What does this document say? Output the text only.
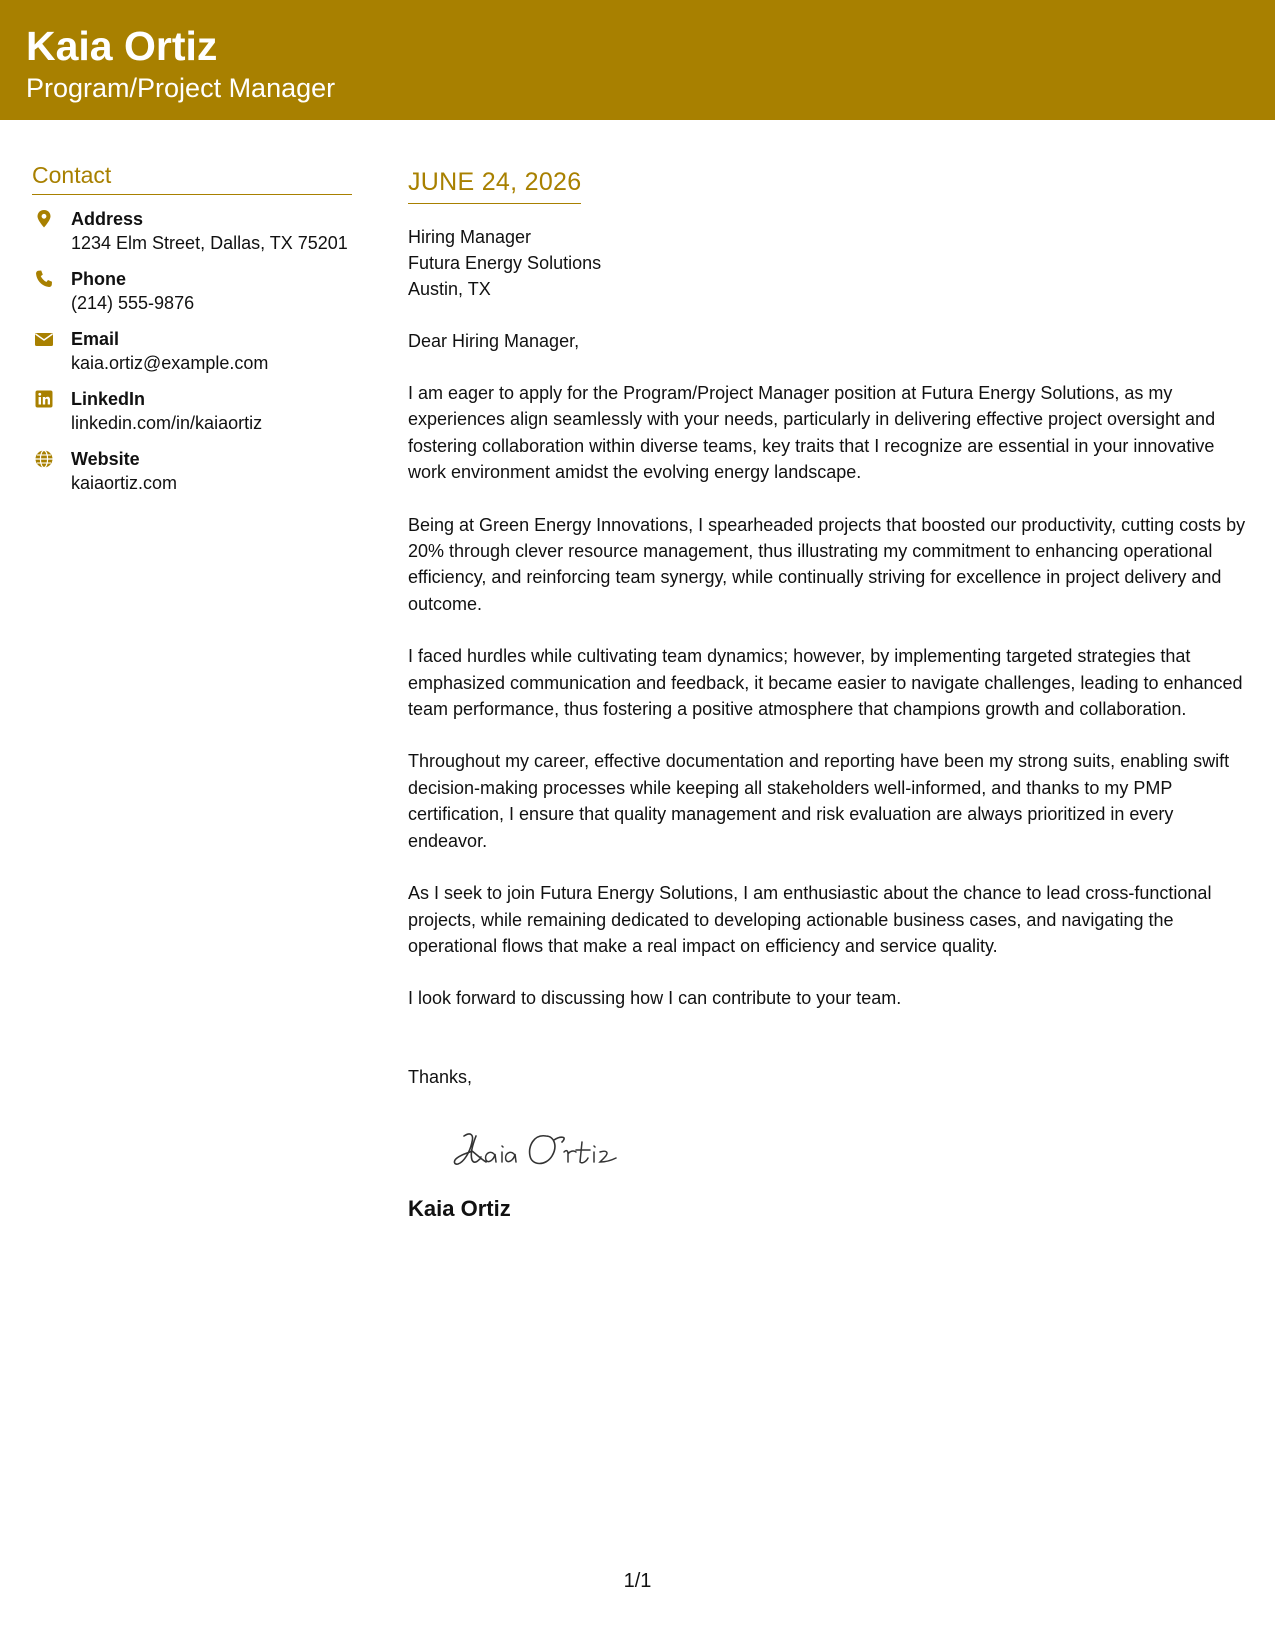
Kaia Ortiz
Program/Project Manager
Contact
Address
1234 Elm Street, Dallas, TX 75201
Phone
(214) 555-9876
Email
kaia.ortiz@example.com
LinkedIn
linkedin.com/in/kaiaortiz
Website
kaiaortiz.com
JUNE 24, 2026
Hiring Manager
Futura Energy Solutions
Austin, TX
Dear Hiring Manager,
I am eager to apply for the Program/Project Manager position at Futura Energy Solutions, as my experiences align seamlessly with your needs, particularly in delivering effective project oversight and fostering collaboration within diverse teams, key traits that I recognize are essential in your innovative work environment amidst the evolving energy landscape.
Being at Green Energy Innovations, I spearheaded projects that boosted our productivity, cutting costs by 20% through clever resource management, thus illustrating my commitment to enhancing operational efficiency, and reinforcing team synergy, while continually striving for excellence in project delivery and outcome.
I faced hurdles while cultivating team dynamics; however, by implementing targeted strategies that emphasized communication and feedback, it became easier to navigate challenges, leading to enhanced team performance, thus fostering a positive atmosphere that champions growth and collaboration.
Throughout my career, effective documentation and reporting have been my strong suits, enabling swift decision-making processes while keeping all stakeholders well-informed, and thanks to my PMP certification, I ensure that quality management and risk evaluation are always prioritized in every endeavor.
As I seek to join Futura Energy Solutions, I am enthusiastic about the chance to lead cross-functional projects, while remaining dedicated to developing actionable business cases, and navigating the operational flows that make a real impact on efficiency and service quality.
I look forward to discussing how I can contribute to your team.
Thanks,
Kaia Ortiz
1/1
